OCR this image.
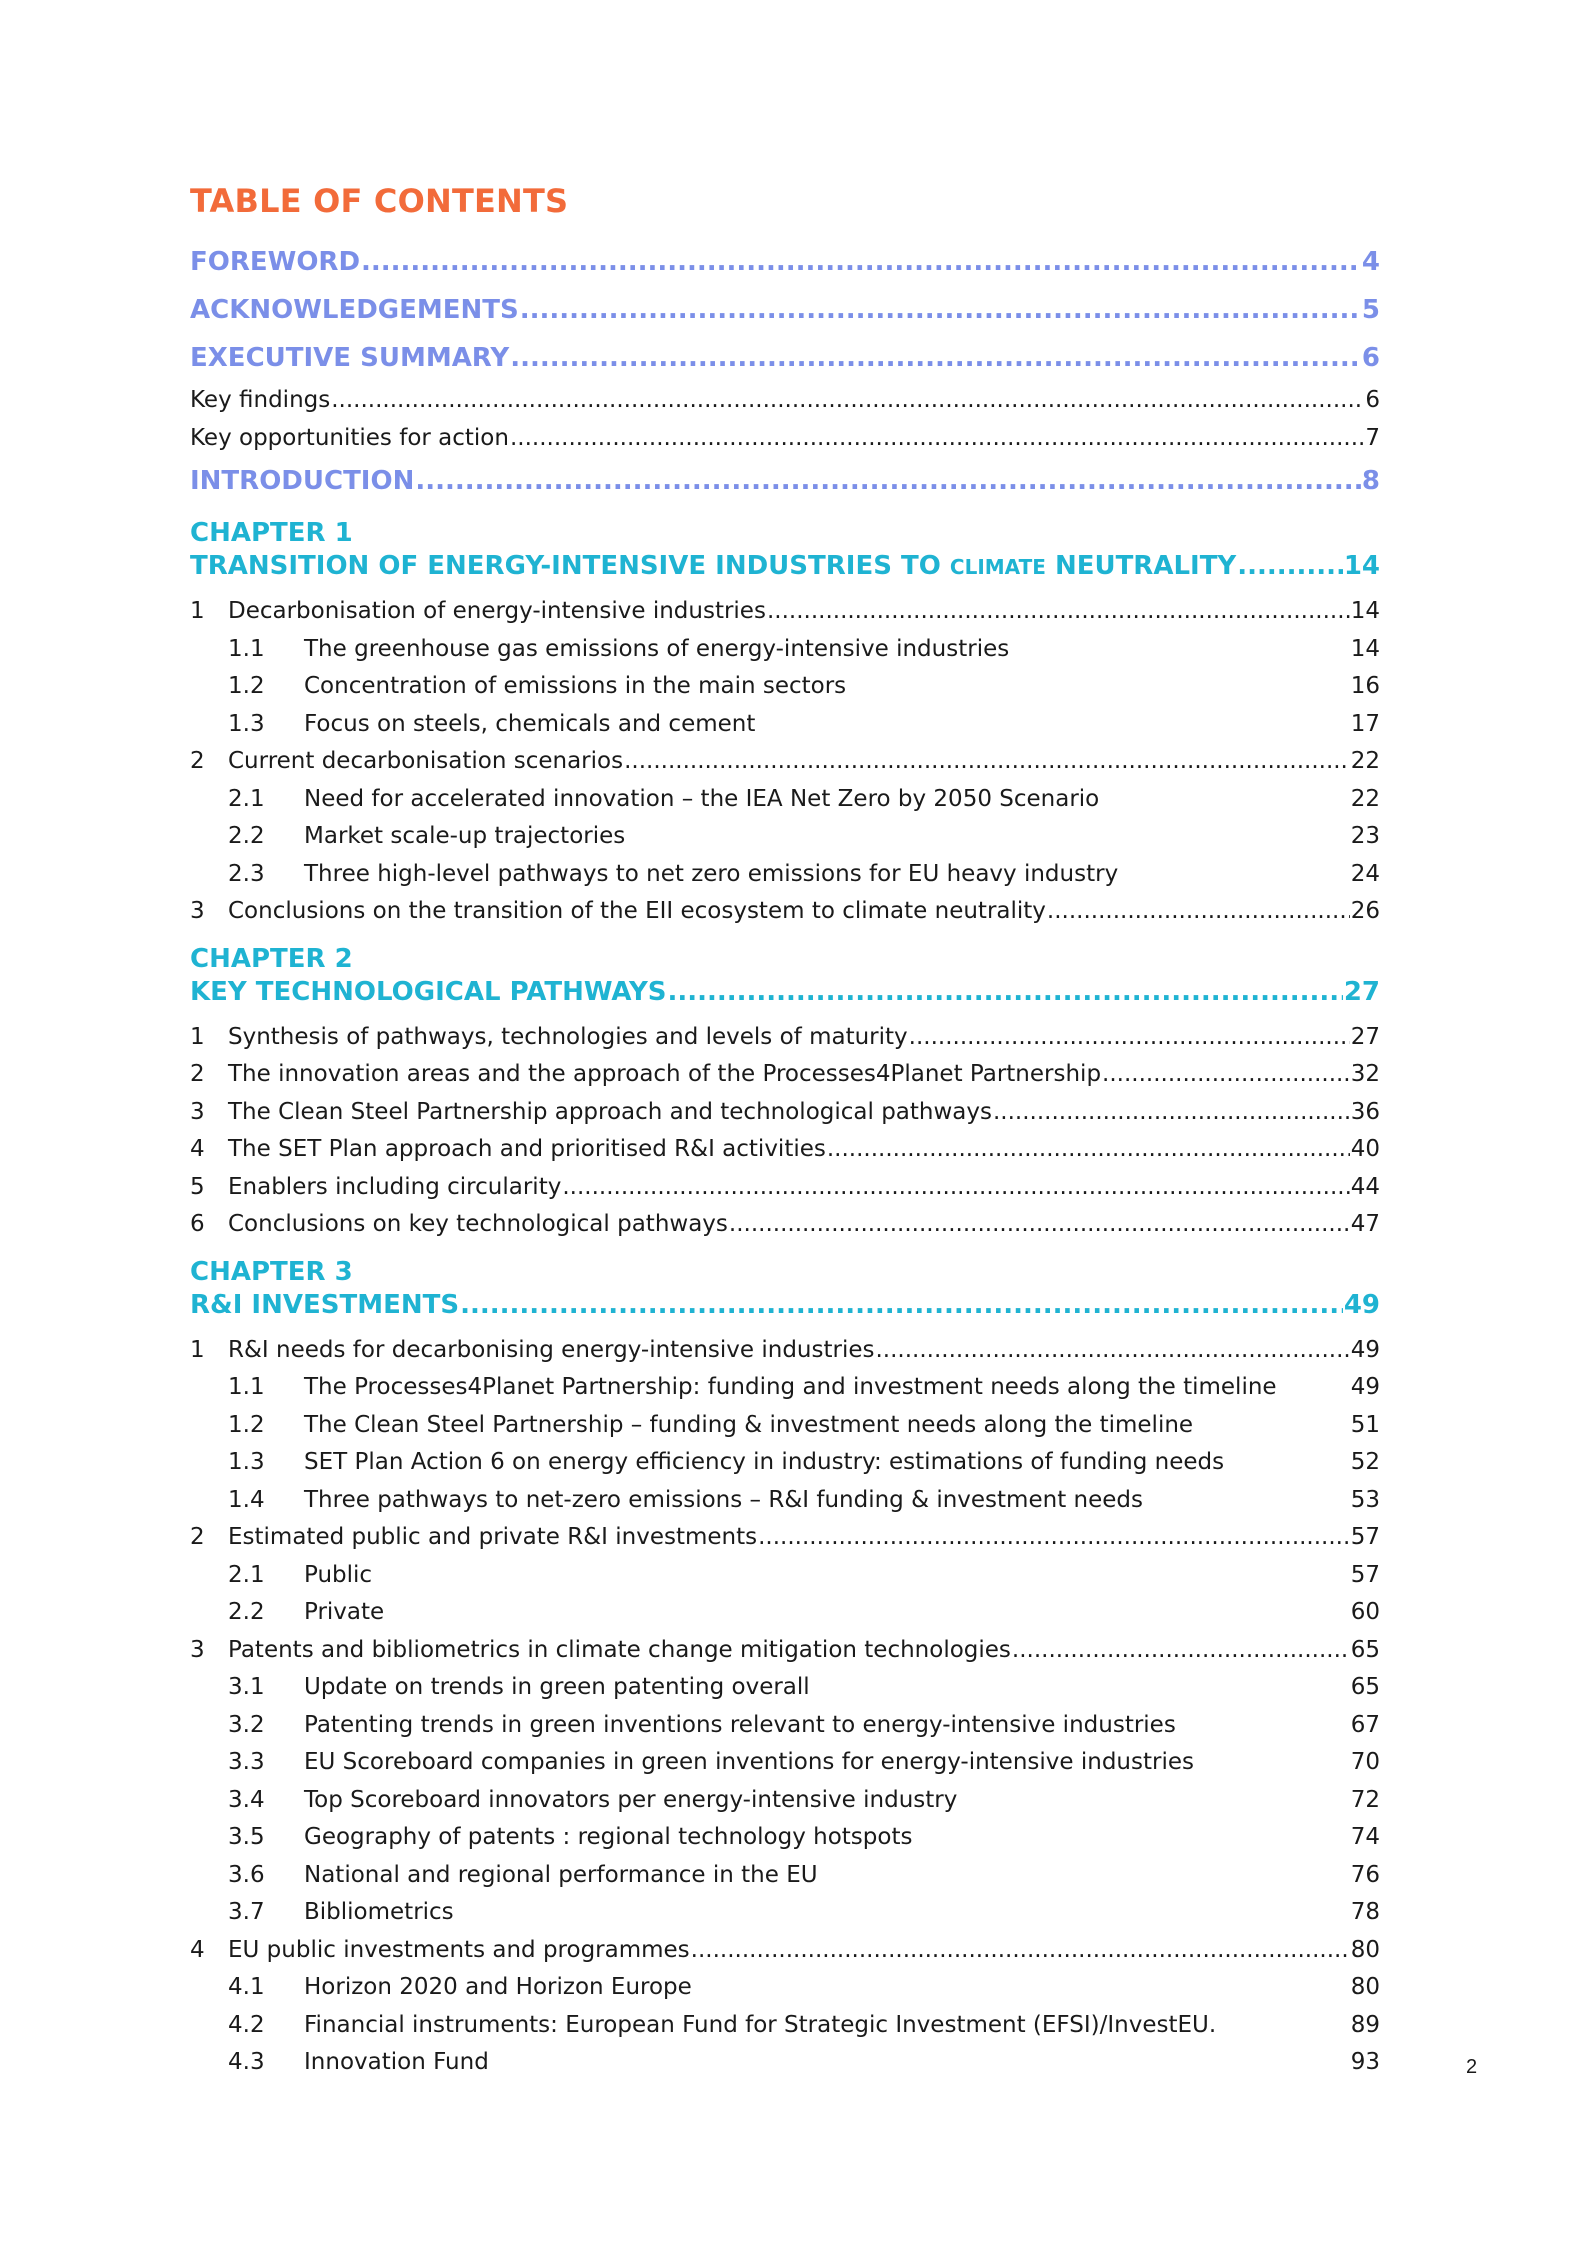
TABLE OF CONTENTS
FOREWORD .....	4
ACKNOWLEDGEMENTS .....	5
EXECUTIVE SUMMARY .....	6
Key findings .....	6
Key opportunities for action .....	7
INTRODUCTION .....	8
CHAPTER 1
TRANSITION OF ENERGY-INTENSIVE INDUSTRIES TO CLIMATE NEUTRALITY .....	14
1 Decarbonisation of energy-intensive industries .....	14
1.1	The greenhouse gas emissions of energy-intensive industries	14
1.2	Concentration of emissions in the main sectors	16
1.3	Focus on steels, chemicals and cement	17
2 Current decarbonisation scenarios .....	22
2.1	Need for accelerated innovation – the IEA Net Zero by 2050 Scenario	22
2.2	Market scale-up trajectories	23
2.3	Three high-level pathways to net zero emissions for EU heavy industry	24
3 Conclusions on the transition of the EII ecosystem to climate neutrality .....	26
CHAPTER 2
KEY TECHNOLOGICAL PATHWAYS .....	27
1 Synthesis of pathways, technologies and levels of maturity .....	27
2 The innovation areas and the approach of the Processes4Planet Partnership .....	32
3 The Clean Steel Partnership approach and technological pathways .....	36
4 The SET Plan approach and prioritised R&I activities .....	40
5 Enablers including circularity .....	44
6 Conclusions on key technological pathways .....	47
CHAPTER 3
R&I INVESTMENTS .....	49
1 R&I needs for decarbonising energy-intensive industries .....	49
1.1	The Processes4Planet Partnership: funding and investment needs along the timeline	49
1.2	The Clean Steel Partnership – funding & investment needs along the timeline	51
1.3	SET Plan Action 6 on energy efficiency in industry: estimations of funding needs	52
1.4	Three pathways to net-zero emissions – R&I funding & investment needs	53
2 Estimated public and private R&I investments .....	57
2.1	Public	57
2.2	Private	60
3 Patents and bibliometrics in climate change mitigation technologies .....	65
3.1	Update on trends in green patenting overall	65
3.2	Patenting trends in green inventions relevant to energy-intensive industries	67
3.3	EU Scoreboard companies in green inventions for energy-intensive industries	70
3.4	Top Scoreboard innovators per energy-intensive industry	72
3.5	Geography of patents : regional technology hotspots	74
3.6	National and regional performance in the EU	76
3.7	Bibliometrics	78
4 EU public investments and programmes .....	80
4.1	Horizon 2020 and Horizon Europe	80
4.2	Financial instruments: European Fund for Strategic Investment (EFSI)/InvestEU.	89
4.3	Innovation Fund	93	2
